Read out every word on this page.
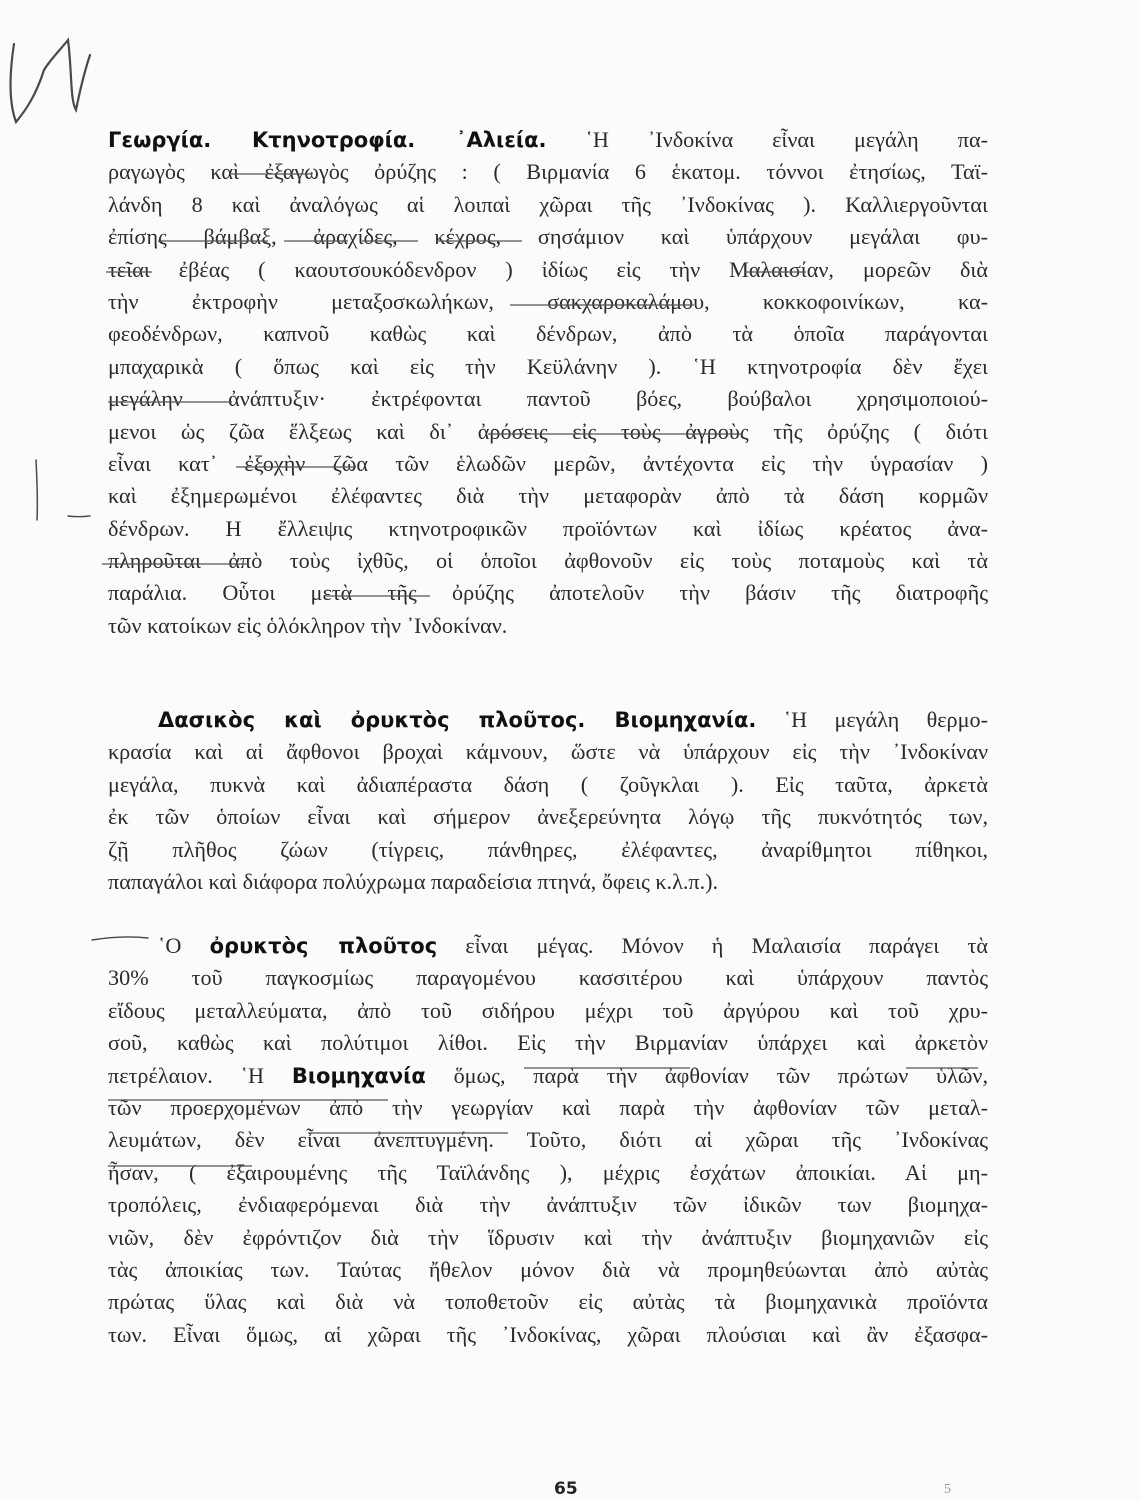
Γεωργία. Κτηνοτροφία. ᾿Αλιεία. ῾Η ᾿Ινδοκίνα εἶναι μεγάλη πα-
ραγωγὸς καὶ ἐξαγωγὸς ὀρύζης : ( Βιρμανία 6 ἑκατομ. τόννοι ἐτησίως, Ταϊ-
λάνδη 8 καὶ ἀναλόγως αἱ λοιπαὶ χῶραι τῆς ᾿Ινδοκίνας ). Καλλιεργοῦνται
ἐπίσης βάμβαξ, ἀραχίδες, κέχρος, σησάμιον καὶ ὑπάρχουν μεγάλαι φυ-
τεῖαι ἐβέας ( καουτσουκόδενδρον ) ἰδίως εἰς τὴν Μαλαισίαν, μορεῶν διὰ
τὴν ἐκτροφὴν μεταξοσκωλήκων, σακχαροκαλάμου, κοκκοφοινίκων, κα-
φεοδένδρων, καπνοῦ καθὼς καὶ δένδρων, ἀπὸ τὰ ὁποῖα παράγονται
μπαχαρικὰ ( ὅπως καὶ εἰς τὴν Κεϋλάνην ). ῾Η κτηνοτροφία δὲν ἔχει
μεγάλην ἀνάπτυξιν· ἐκτρέφονται παντοῦ βόες, βούβαλοι χρησιμοποιού-
μενοι ὡς ζῶα ἕλξεως καὶ δι᾿ ἀρόσεις εἰς τοὺς ἀγροὺς τῆς ὀρύζης ( διότι
εἶναι κατ᾿ ἐξοχὴν ζῶα τῶν ἑλωδῶν μερῶν, ἀντέχοντα εἰς τὴν ὑγρασίαν )
καὶ ἐξημερωμένοι ἐλέφαντες διὰ τὴν μεταφορὰν ἀπὸ τὰ δάση κορμῶν
δένδρων. Η ἔλλειψις κτηνοτροφικῶν προϊόντων καὶ ἰδίως κρέατος ἀνα-
πληροῦται ἀπὸ τοὺς ἰχθῦς, οἱ ὁποῖοι ἀφθονοῦν εἰς τοὺς ποταμοὺς καὶ τὰ
παράλια. Οὗτοι μετὰ τῆς ὀρύζης ἀποτελοῦν τὴν βάσιν τῆς διατροφῆς
τῶν κατοίκων εἰς ὁλόκληρον τὴν ᾿Ινδοκίναν.
Δασικὸς καὶ ὀρυκτὸς πλοῦτος. Βιομηχανία. ῾Η μεγάλη θερμο-
κρασία καὶ αἱ ἄφθονοι βροχαὶ κάμνουν, ὥστε νὰ ὑπάρχουν εἰς τὴν ᾿Ινδοκίναν
μεγάλα, πυκνὰ καὶ ἀδιαπέραστα δάση ( ζοῦγκλαι ). Εἰς ταῦτα, ἀρκετὰ
ἐκ τῶν ὁποίων εἶναι καὶ σήμερον ἀνεξερεύνητα λόγῳ τῆς πυκνότητός των,
ζῇ πλῆθος ζώων (τίγρεις, πάνθηρες, ἐλέφαντες, ἀναρίθμητοι πίθηκοι,
παπαγάλοι καὶ διάφορα πολύχρωμα παραδείσια πτηνά, ὄφεις κ.λ.π.).
῾Ο ὀρυκτὸς πλοῦτος εἶναι μέγας. Μόνον ἡ Μαλαισία παράγει τὰ
30% τοῦ παγκοσμίως παραγομένου κασσιτέρου καὶ ὑπάρχουν παντὸς
εἴδους μεταλλεύματα, ἀπὸ τοῦ σιδήρου μέχρι τοῦ ἀργύρου καὶ τοῦ χρυ-
σοῦ, καθὼς καὶ πολύτιμοι λίθοι. Εἰς τὴν Βιρμανίαν ὑπάρχει καὶ ἀρκετὸν
πετρέλαιον. ῾Η Βιομηχανία ὅμως, παρὰ τὴν ἀφθονίαν τῶν πρώτων ὑλῶν,
τῶν προερχομένων ἀπὸ τὴν γεωργίαν καὶ παρὰ τὴν ἀφθονίαν τῶν μεταλ-
λευμάτων, δὲν εἶναι ἀνεπτυγμένη. Τοῦτο, διότι αἱ χῶραι τῆς ᾿Ινδοκίνας
ἦσαν, ( ἐξαιρουμένης τῆς Ταϊλάνδης ), μέχρις ἐσχάτων ἀποικίαι. Αἱ μη-
τροπόλεις, ἐνδιαφερόμεναι διὰ τὴν ἀνάπτυξιν τῶν ἰδικῶν των βιομηχα-
νιῶν, δὲν ἐφρόντιζον διὰ τὴν ἵδρυσιν καὶ τὴν ἀνάπτυξιν βιομηχανιῶν εἰς
τὰς ἀποικίας των. Ταύτας ἤθελον μόνον διὰ νὰ προμηθεύωνται ἀπὸ αὐτὰς
πρώτας ὕλας καὶ διὰ νὰ τοποθετοῦν εἰς αὐτὰς τὰ βιομηχανικὰ προϊόντα
των. Εἶναι ὅμως, αἱ χῶραι τῆς ᾿Ινδοκίνας, χῶραι πλούσιαι καὶ ἂν ἐξασφα-
65	5
